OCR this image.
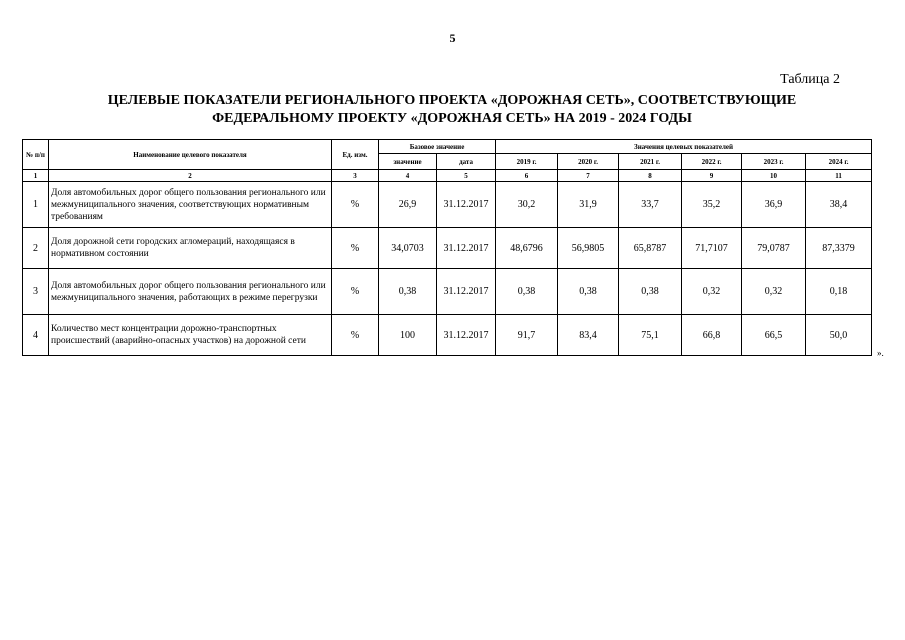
5
Таблица 2
ЦЕЛЕВЫЕ ПОКАЗАТЕЛИ РЕГИОНАЛЬНОГО ПРОЕКТА «ДОРОЖНАЯ СЕТЬ», СООТВЕТСТВУЮЩИЕ
ФЕДЕРАЛЬНОМУ ПРОЕКТУ «ДОРОЖНАЯ СЕТЬ» НА 2019 - 2024 ГОДЫ
№ п/п	Наименование целевого показателя	Ед. изм.	Базовое значение		Значения целевых показателей					
			значение	дата	2019 г.	2020 г.	2021 г.	2022 г.	2023 г.	2024 г.
1	2	3	4	5	6	7	8	9	10	11
1	Доля автомобильных дорог общего пользования регионального или межмуниципального значения, соответствующих нормативным требованиям	%	26,9	31.12.2017	30,2	31,9	33,7	35,2	36,9	38,4
2	Доля дорожной сети городских агломераций, находящаяся в нормативном состоянии	%	34,0703	31.12.2017	48,6796	56,9805	65,8787	71,7107	79,0787	87,3379
3	Доля автомобильных дорог общего пользования регионального или межмуниципального значения, работающих в режиме перегрузки	%	0,38	31.12.2017	0,38	0,38	0,38	0,32	0,32	0,18
4	Количество мест концентрации дорожно-транспортных происшествий (аварийно-опасных участков) на дорожной сети	%	100	31.12.2017	91,7	83,4	75,1	66,8	66,5	50,0
».
